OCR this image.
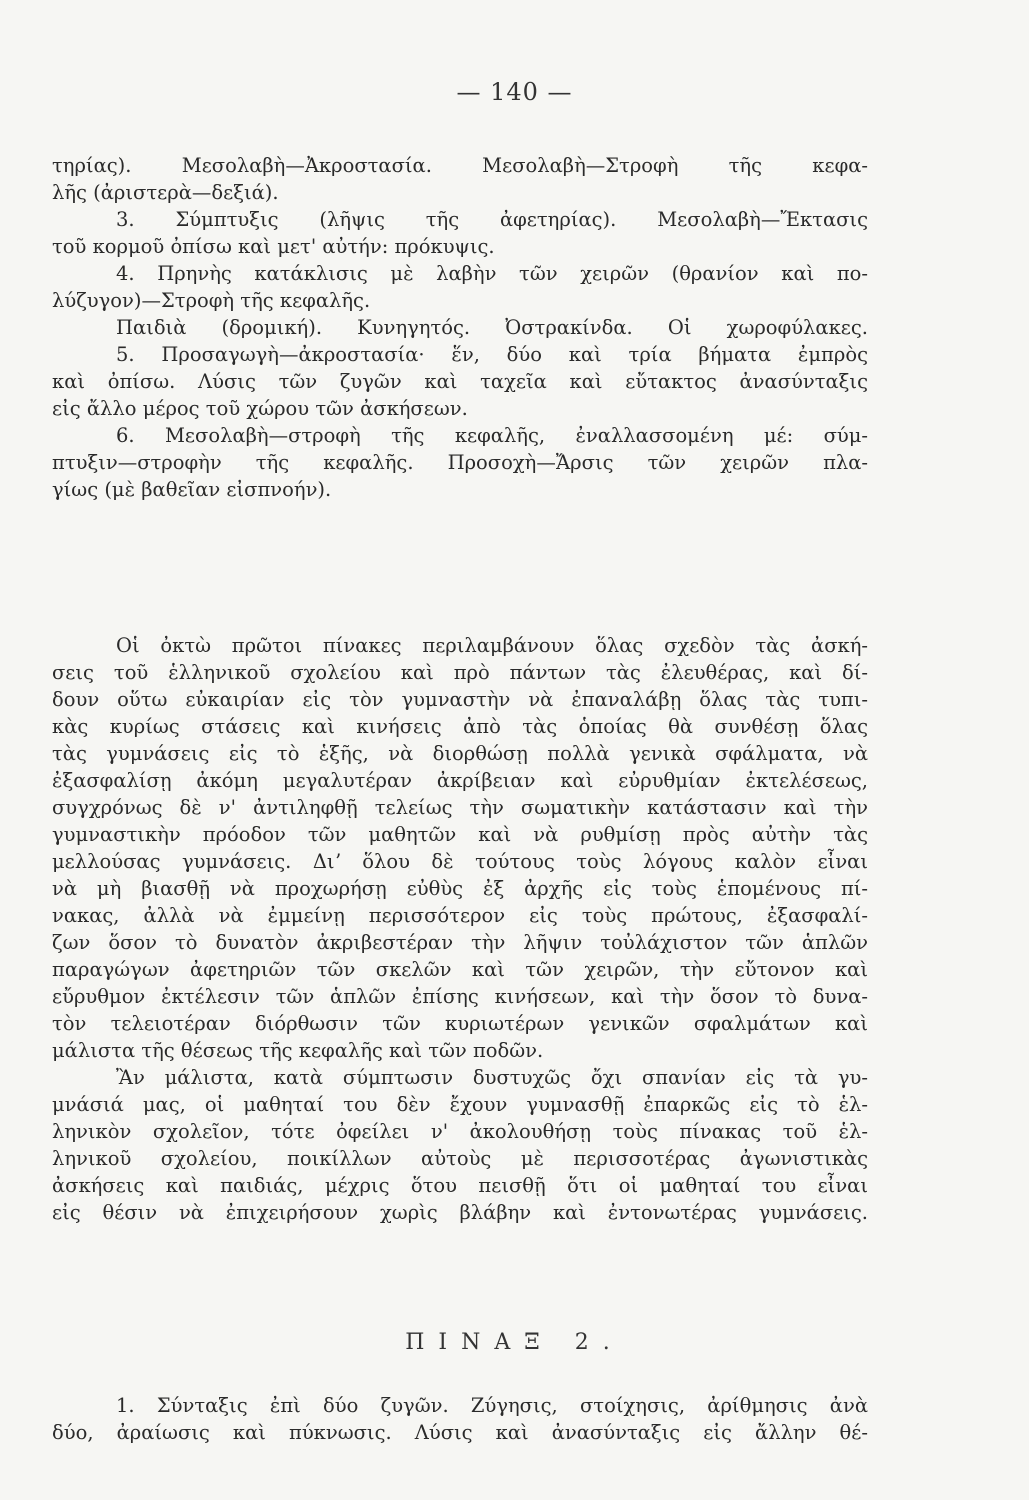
— 140 —
τηρίας). Μεσολαβὴ—Ἀκροστασία. Μεσολαβὴ—Στροφὴ τῆς κεφα-
λῆς (ἀριστερὰ—δεξιά).
3. Σύμπτυξις (λῆψις τῆς ἀφετηρίας). Μεσολαβὴ—Ἔκτασις
τοῦ κορμοῦ ὀπίσω καὶ μετ' αὐτήν: πρόκυψις.
4. Πρηνὴς κατάκλισις μὲ λαβὴν τῶν χειρῶν (θρανίον καὶ πο-
λύζυγον)—Στροφὴ τῆς κεφαλῆς.
Παιδιὰ (δρομική). Κυνηγητός. Ὀστρακίνδα. Οἱ χωροφύλακες.
5. Προσαγωγὴ—ἀκροστασία· ἕν, δύο καὶ τρία βήματα ἐμπρὸς
καὶ ὀπίσω. Λύσις τῶν ζυγῶν καὶ ταχεῖα καὶ εὔτακτος ἀνασύνταξις
εἰς ἄλλο μέρος τοῦ χώρου τῶν ἀσκήσεων.
6. Μεσολαβὴ—στροφὴ τῆς κεφαλῆς, ἐναλλασσομένη μέ: σύμ-
πτυξιν—στροφὴν τῆς κεφαλῆς. Προσοχὴ—Ἄρσις τῶν χειρῶν πλα-
γίως (μὲ βαθεῖαν εἰσπνοήν).
Οἱ ὀκτὼ πρῶτοι πίνακες περιλαμβάνουν ὅλας σχεδὸν τὰς ἀσκή-
σεις τοῦ ἑλληνικοῦ σχολείου καὶ πρὸ πάντων τὰς ἐλευθέρας, καὶ δί-
δουν οὕτω εὐκαιρίαν εἰς τὸν γυμναστὴν νὰ ἐπαναλάβῃ ὅλας τὰς τυπι-
κὰς κυρίως στάσεις καὶ κινήσεις ἀπὸ τὰς ὁποίας θὰ συνθέσῃ ὅλας
τὰς γυμνάσεις εἰς τὸ ἑξῆς, νὰ διορθώσῃ πολλὰ γενικὰ σφάλματα, νὰ
ἐξασφαλίσῃ ἀκόμη μεγαλυτέραν ἀκρίβειαν καὶ εὐρυθμίαν ἐκτελέσεως,
συγχρόνως δὲ ν' ἀντιληφθῇ τελείως τὴν σωματικὴν κατάστασιν καὶ τὴν
γυμναστικὴν πρόοδον τῶν μαθητῶν καὶ νὰ ρυθμίσῃ πρὸς αὐτὴν τὰς
μελλούσας γυμνάσεις. Διʼ ὅλου δὲ τούτους τοὺς λόγους καλὸν εἶναι
νὰ μὴ βιασθῇ νὰ προχωρήσῃ εὐθὺς ἐξ ἀρχῆς εἰς τοὺς ἑπομένους πί-
νακας, ἀλλὰ νὰ ἐμμείνῃ περισσότερον εἰς τοὺς πρώτους, ἐξασφαλί-
ζων ὅσον τὸ δυνατὸν ἀκριβεστέραν τὴν λῆψιν τοὐλάχιστον τῶν ἁπλῶν
παραγώγων ἀφετηριῶν τῶν σκελῶν καὶ τῶν χειρῶν, τὴν εὔτονον καὶ
εὔρυθμον ἐκτέλεσιν τῶν ἁπλῶν ἐπίσης κινήσεων, καὶ τὴν ὅσον τὸ δυνα-
τὸν τελειοτέραν διόρθωσιν τῶν κυριωτέρων γενικῶν σφαλμάτων καὶ
μάλιστα τῆς θέσεως τῆς κεφαλῆς καὶ τῶν ποδῶν.
Ἂν μάλιστα, κατὰ σύμπτωσιν δυστυχῶς ὄχι σπανίαν εἰς τὰ γυ-
μνάσιά μας, οἱ μαθηταί του δὲν ἔχουν γυμνασθῇ ἐπαρκῶς εἰς τὸ ἑλ-
ληνικὸν σχολεῖον, τότε ὀφείλει ν' ἀκολουθήσῃ τοὺς πίνακας τοῦ ἑλ-
ληνικοῦ σχολείου, ποικίλλων αὐτοὺς μὲ περισσοτέρας ἀγωνιστικὰς
ἀσκήσεις καὶ παιδιάς, μέχρις ὅτου πεισθῇ ὅτι οἱ μαθηταί του εἶναι
εἰς θέσιν νὰ ἐπιχειρήσουν χωρὶς βλάβην καὶ ἐντονωτέρας γυμνάσεις.
ΠΙΝΑΞ 2.
1. Σύνταξις ἐπὶ δύο ζυγῶν. Ζύγησις, στοίχησις, ἀρίθμησις ἀνὰ
δύο, ἀραίωσις καὶ πύκνωσις. Λύσις καὶ ἀνασύνταξις εἰς ἄλλην θέ-
